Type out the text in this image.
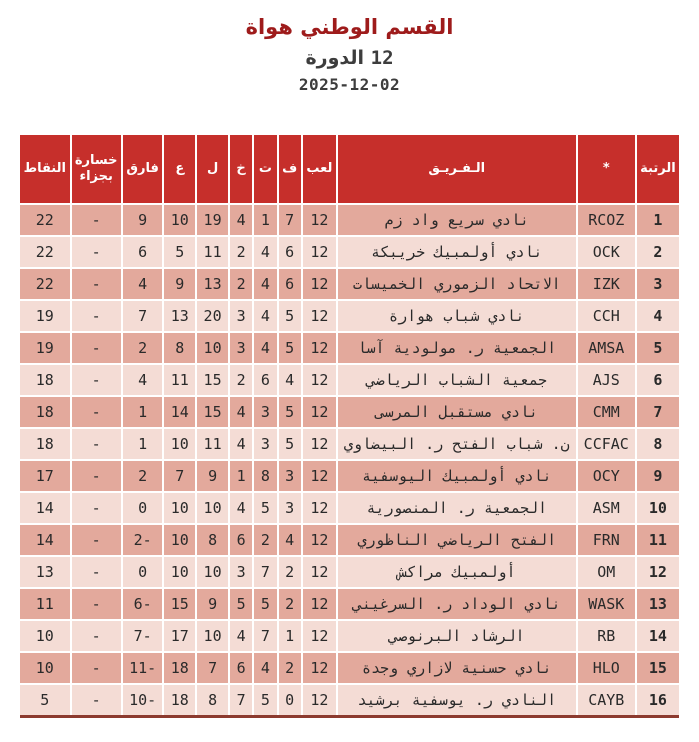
القسم الوطني هواة
12 الدورة
2025-12-02
الرتبة	*	الـفـريـق	لعب	ف	ت	خ	ل	ع	فارق	خسارة بجزاء	النقاط
1	RCOZ	نادي سريع واد زم	12	7	1	4	19	10	9	-	22
2	OCK	نادي أولمبيك خريبكة	12	6	4	2	11	5	6	-	22
3	IZK	الاتحاد الزموري الخميسات	12	6	4	2	13	9	4	-	22
4	CCH	نادي شباب هوارة	12	5	4	3	20	13	7	-	19
5	AMSA	الجمعية ر. مولودية آسا	12	5	4	3	10	8	2	-	19
6	AJS	جمعية الشباب الرياضي	12	4	6	2	15	11	4	-	18
7	CMM	نادي مستقبل المرسى	12	5	3	4	15	14	1	-	18
8	CCFAC	ن. شباب الفتح ر. البيضاوي	12	5	3	4	11	10	1	-	18
9	OCY	نادي أولمبيك اليوسفية	12	3	8	1	9	7	2	-	17
10	ASM	الجمعية ر. المنصورية	12	3	5	4	10	10	0	-	14
11	FRN	الفتح الرياضي الناظوري	12	4	2	6	8	10	-2	-	14
12	OM	أولمبيك مراكش	12	2	7	3	10	10	0	-	13
13	WASK	نادي الوداد ر. السرغيني	12	2	5	5	9	15	-6	-	11
14	RB	الرشاد البرنوصي	12	1	7	4	10	17	-7	-	10
15	HLO	نادي حسنية لازاري وجدة	12	2	4	6	7	18	-11	-	10
16	CAYB	النادي ر. يوسفية برشيد	12	0	5	7	8	18	-10	-	5
